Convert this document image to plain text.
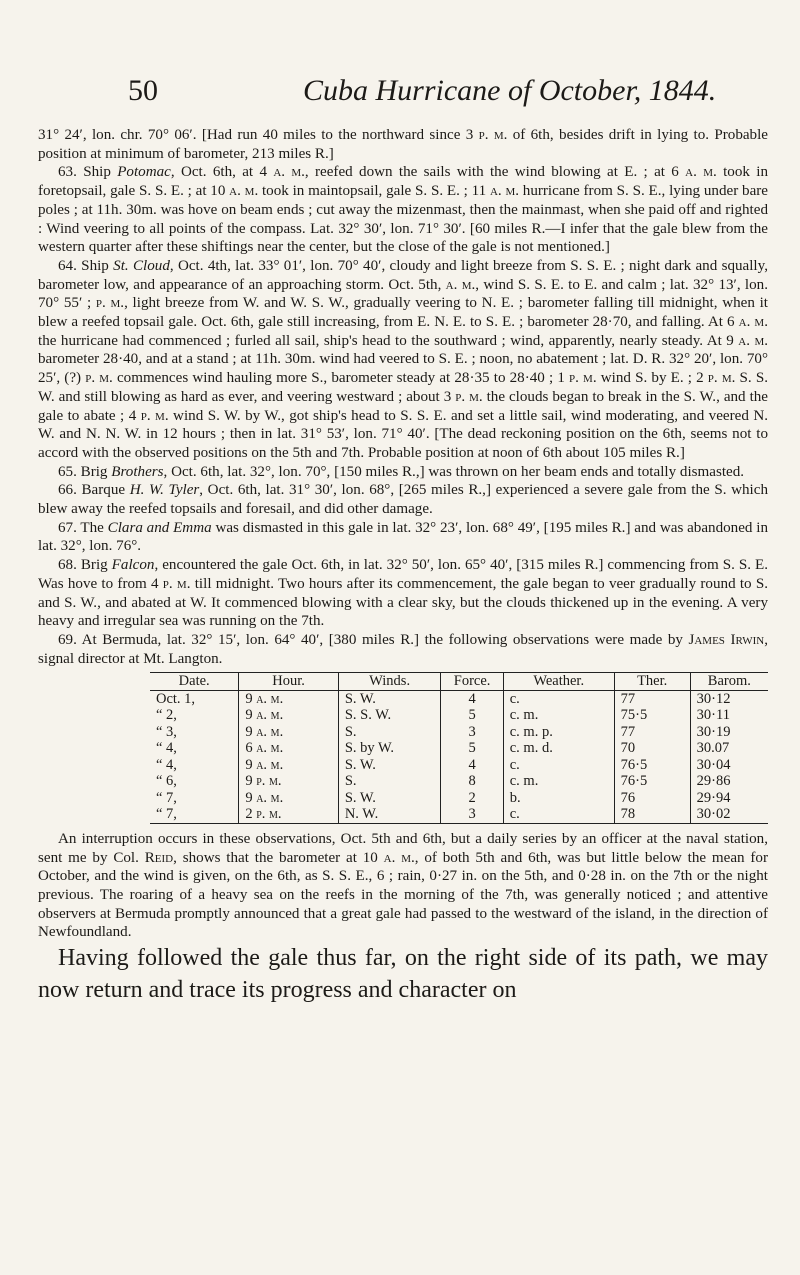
50	Cuba Hurricane of October, 1844.

31° 24′, lon. chr. 70° 06′. [Had run 40 miles to the northward since 3 p. m. of 6th, besides drift in lying to. Probable position at minimum of barometer, 213 miles R.]

63. Ship Potomac, Oct. 6th, at 4 a. m., reefed down the sails with the wind blowing at E. ; at 6 a. m. took in foretopsail, gale S. S. E. ; at 10 a. m. took in maintopsail, gale S. S. E. ; 11 a. m. hurricane from S. S. E., lying under bare poles ; at 11h. 30m. was hove on beam ends ; cut away the mizenmast, then the mainmast, when she paid off and righted : Wind veering to all points of the compass. Lat. 32° 30′, lon. 71° 30′. [60 miles R.—I infer that the gale blew from the western quarter after these shiftings near the center, but the close of the gale is not mentioned.]

64. Ship St. Cloud, Oct. 4th, lat. 33° 01′, lon. 70° 40′, cloudy and light breeze from S. S. E. ; night dark and squally, barometer low, and appearance of an approaching storm. Oct. 5th, a. m., wind S. S. E. to E. and calm ; lat. 32° 13′, lon. 70° 55′ ; p. m., light breeze from W. and W. S. W., gradually veering to N. E. ; barometer falling till midnight, when it blew a reefed topsail gale. Oct. 6th, gale still increasing, from E. N. E. to S. E. ; barometer 28·70, and falling. At 6 a. m. the hurricane had commenced ; furled all sail, ship's head to the southward ; wind, apparently, nearly steady. At 9 a. m. barometer 28·40, and at a stand ; at 11h. 30m. wind had veered to S. E. ; noon, no abatement ; lat. D. R. 32° 20′, lon. 70° 25′, (?) p. m. commences wind hauling more S., barometer steady at 28·35 to 28·40 ; 1 p. m. wind S. by E. ; 2 p. m. S. S. W. and still blowing as hard as ever, and veering westward ; about 3 p. m. the clouds began to break in the S. W., and the gale to abate ; 4 p. m. wind S. W. by W., got ship's head to S. S. E. and set a little sail, wind moderating, and veered N. W. and N. N. W. in 12 hours ; then in lat. 31° 53′, lon. 71° 40′. [The dead reckoning position on the 6th, seems not to accord with the observed positions on the 5th and 7th. Probable position at noon of 6th about 105 miles R.]

65. Brig Brothers, Oct. 6th, lat. 32°, lon. 70°, [150 miles R.,] was thrown on her beam ends and totally dismasted.

66. Barque H. W. Tyler, Oct. 6th, lat. 31° 30′, lon. 68°, [265 miles R.,] experienced a severe gale from the S. which blew away the reefed topsails and foresail, and did other damage.

67. The Clara and Emma was dismasted in this gale in lat. 32° 23′, lon. 68° 49′, [195 miles R.] and was abandoned in lat. 32°, lon. 76°.

68. Brig Falcon, encountered the gale Oct. 6th, in lat. 32° 50′, lon. 65° 40′, [315 miles R.] commencing from S. S. E. Was hove to from 4 p. m. till midnight. Two hours after its commencement, the gale began to veer gradually round to S. and S. W., and abated at W. It commenced blowing with a clear sky, but the clouds thickened up in the evening. A very heavy and irregular sea was running on the 7th.

69. At Bermuda, lat. 32° 15′, lon. 64° 40′, [380 miles R.] the following observations were made by James Irwin, signal director at Mt. Langton.

Date.	Hour.	Winds.	Force.	Weather.	Ther.	Barom.
Oct. 1,	9 a. m.	S. W.	4	c.	77	30·12
“ 2,	9 a. m.	S. S. W.	5	c. m.	75·5	30·11
“ 3,	9 a. m.	S.	3	c. m. p.	77	30·19
“ 4,	6 a. m.	S. by W.	5	c. m. d.	70	30.07
“ 4,	9 a. m.	S. W.	4	c.	76·5	30·04
“ 6,	9 p. m.	S.	8	c. m.	76·5	29·86
“ 7,	9 a. m.	S. W.	2	b.	76	29·94
“ 7,	2 p. m.	N. W.	3	c.	78	30·02

An interruption occurs in these observations, Oct. 5th and 6th, but a daily series by an officer at the naval station, sent me by Col. Reid, shows that the barometer at 10 a. m., of both 5th and 6th, was but little below the mean for October, and the wind is given, on the 6th, as S. S. E., 6 ; rain, 0·27 in. on the 5th, and 0·28 in. on the 7th or the night previous. The roaring of a heavy sea on the reefs in the morning of the 7th, was generally noticed ; and attentive observers at Bermuda promptly announced that a great gale had passed to the westward of the island, in the direction of Newfoundland.

Having followed the gale thus far, on the right side of its path, we may now return and trace its progress and character on
